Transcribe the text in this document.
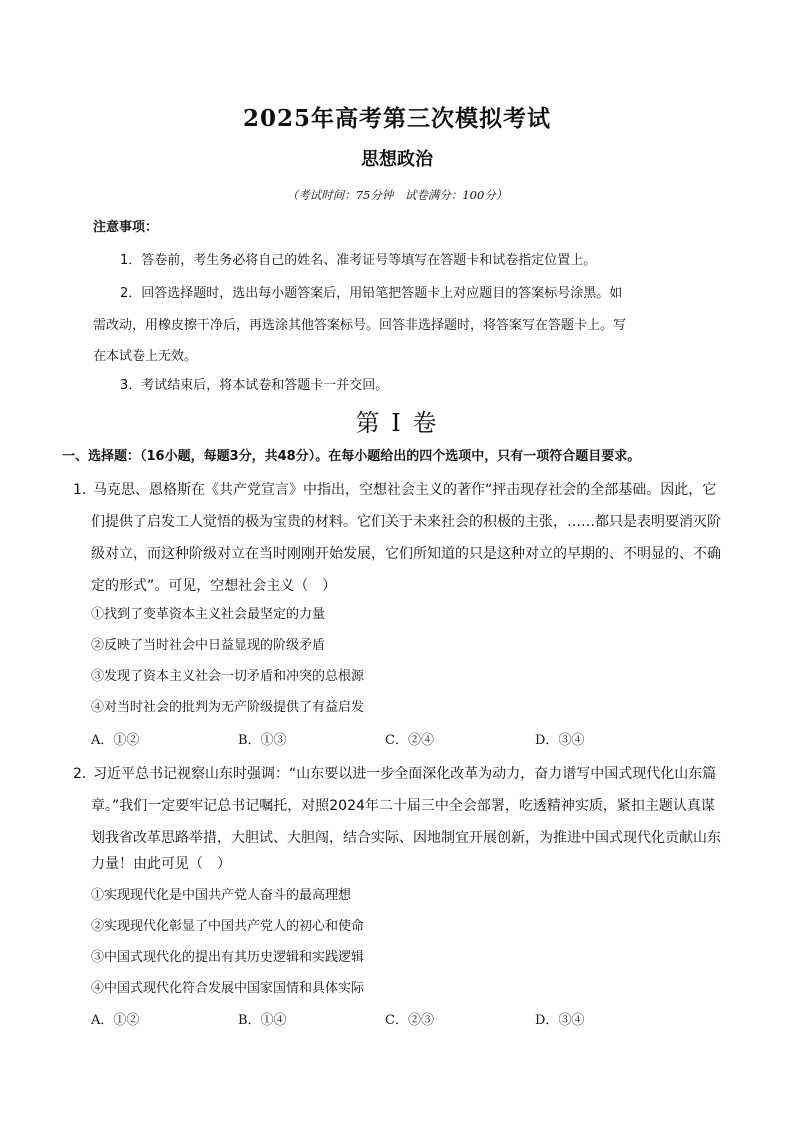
2025年高考第三次模拟考试
思想政治
（考试时间：75分钟　试卷满分：100分）
注意事项：
1．答卷前，考生务必将自己的姓名、准考证号等填写在答题卡和试卷指定位置上。
2．回答选择题时，选出每小题答案后，用铅笔把答题卡上对应题目的答案标号涂黑。如
需改动，用橡皮擦干净后，再选涂其他答案标号。回答非选择题时，将答案写在答题卡上。写
在本试卷上无效。
3．考试结束后，将本试卷和答题卡一并交回。
第 I 卷
一、选择题：（16小题，每题3分，共48分）。在每小题给出的四个选项中，只有一项符合题目要求。
1．
马克思、恩格斯在《共产党宣言》中指出，空想社会主义的著作“抨击现存社会的全部基础。因此，它
们提供了启发工人觉悟的极为宝贵的材料。它们关于未来社会的积极的主张，……都只是表明要消灭阶
级对立，而这种阶级对立在当时刚刚开始发展，它们所知道的只是这种对立的早期的、不明显的、不确
定的形式”。可见，空想社会主义（　）
①找到了变革资本主义社会最坚定的力量
②反映了当时社会中日益显现的阶级矛盾
③发现了资本主义社会一切矛盾和冲突的总根源
④对当时社会的批判为无产阶级提供了有益启发
A．①②	B．①③	C．②④	D．③④
2．
习近平总书记视察山东时强调：“山东要以进一步全面深化改革为动力，奋力谱写中国式现代化山东篇
章。”我们一定要牢记总书记嘱托，对照2024年二十届三中全会部署，吃透精神实质，紧扣主题认真谋
划我省改革思路举措，大胆试、大胆闯，结合实际、因地制宜开展创新，为推进中国式现代化贡献山东
力量！由此可见（　）
①实现现代化是中国共产党人奋斗的最高理想
②实现现代化彰显了中国共产党人的初心和使命
③中国式现代化的提出有其历史逻辑和实践逻辑
④中国式现代化符合发展中国家国情和具体实际
A．①②	B．①④	C．②③	D．③④
